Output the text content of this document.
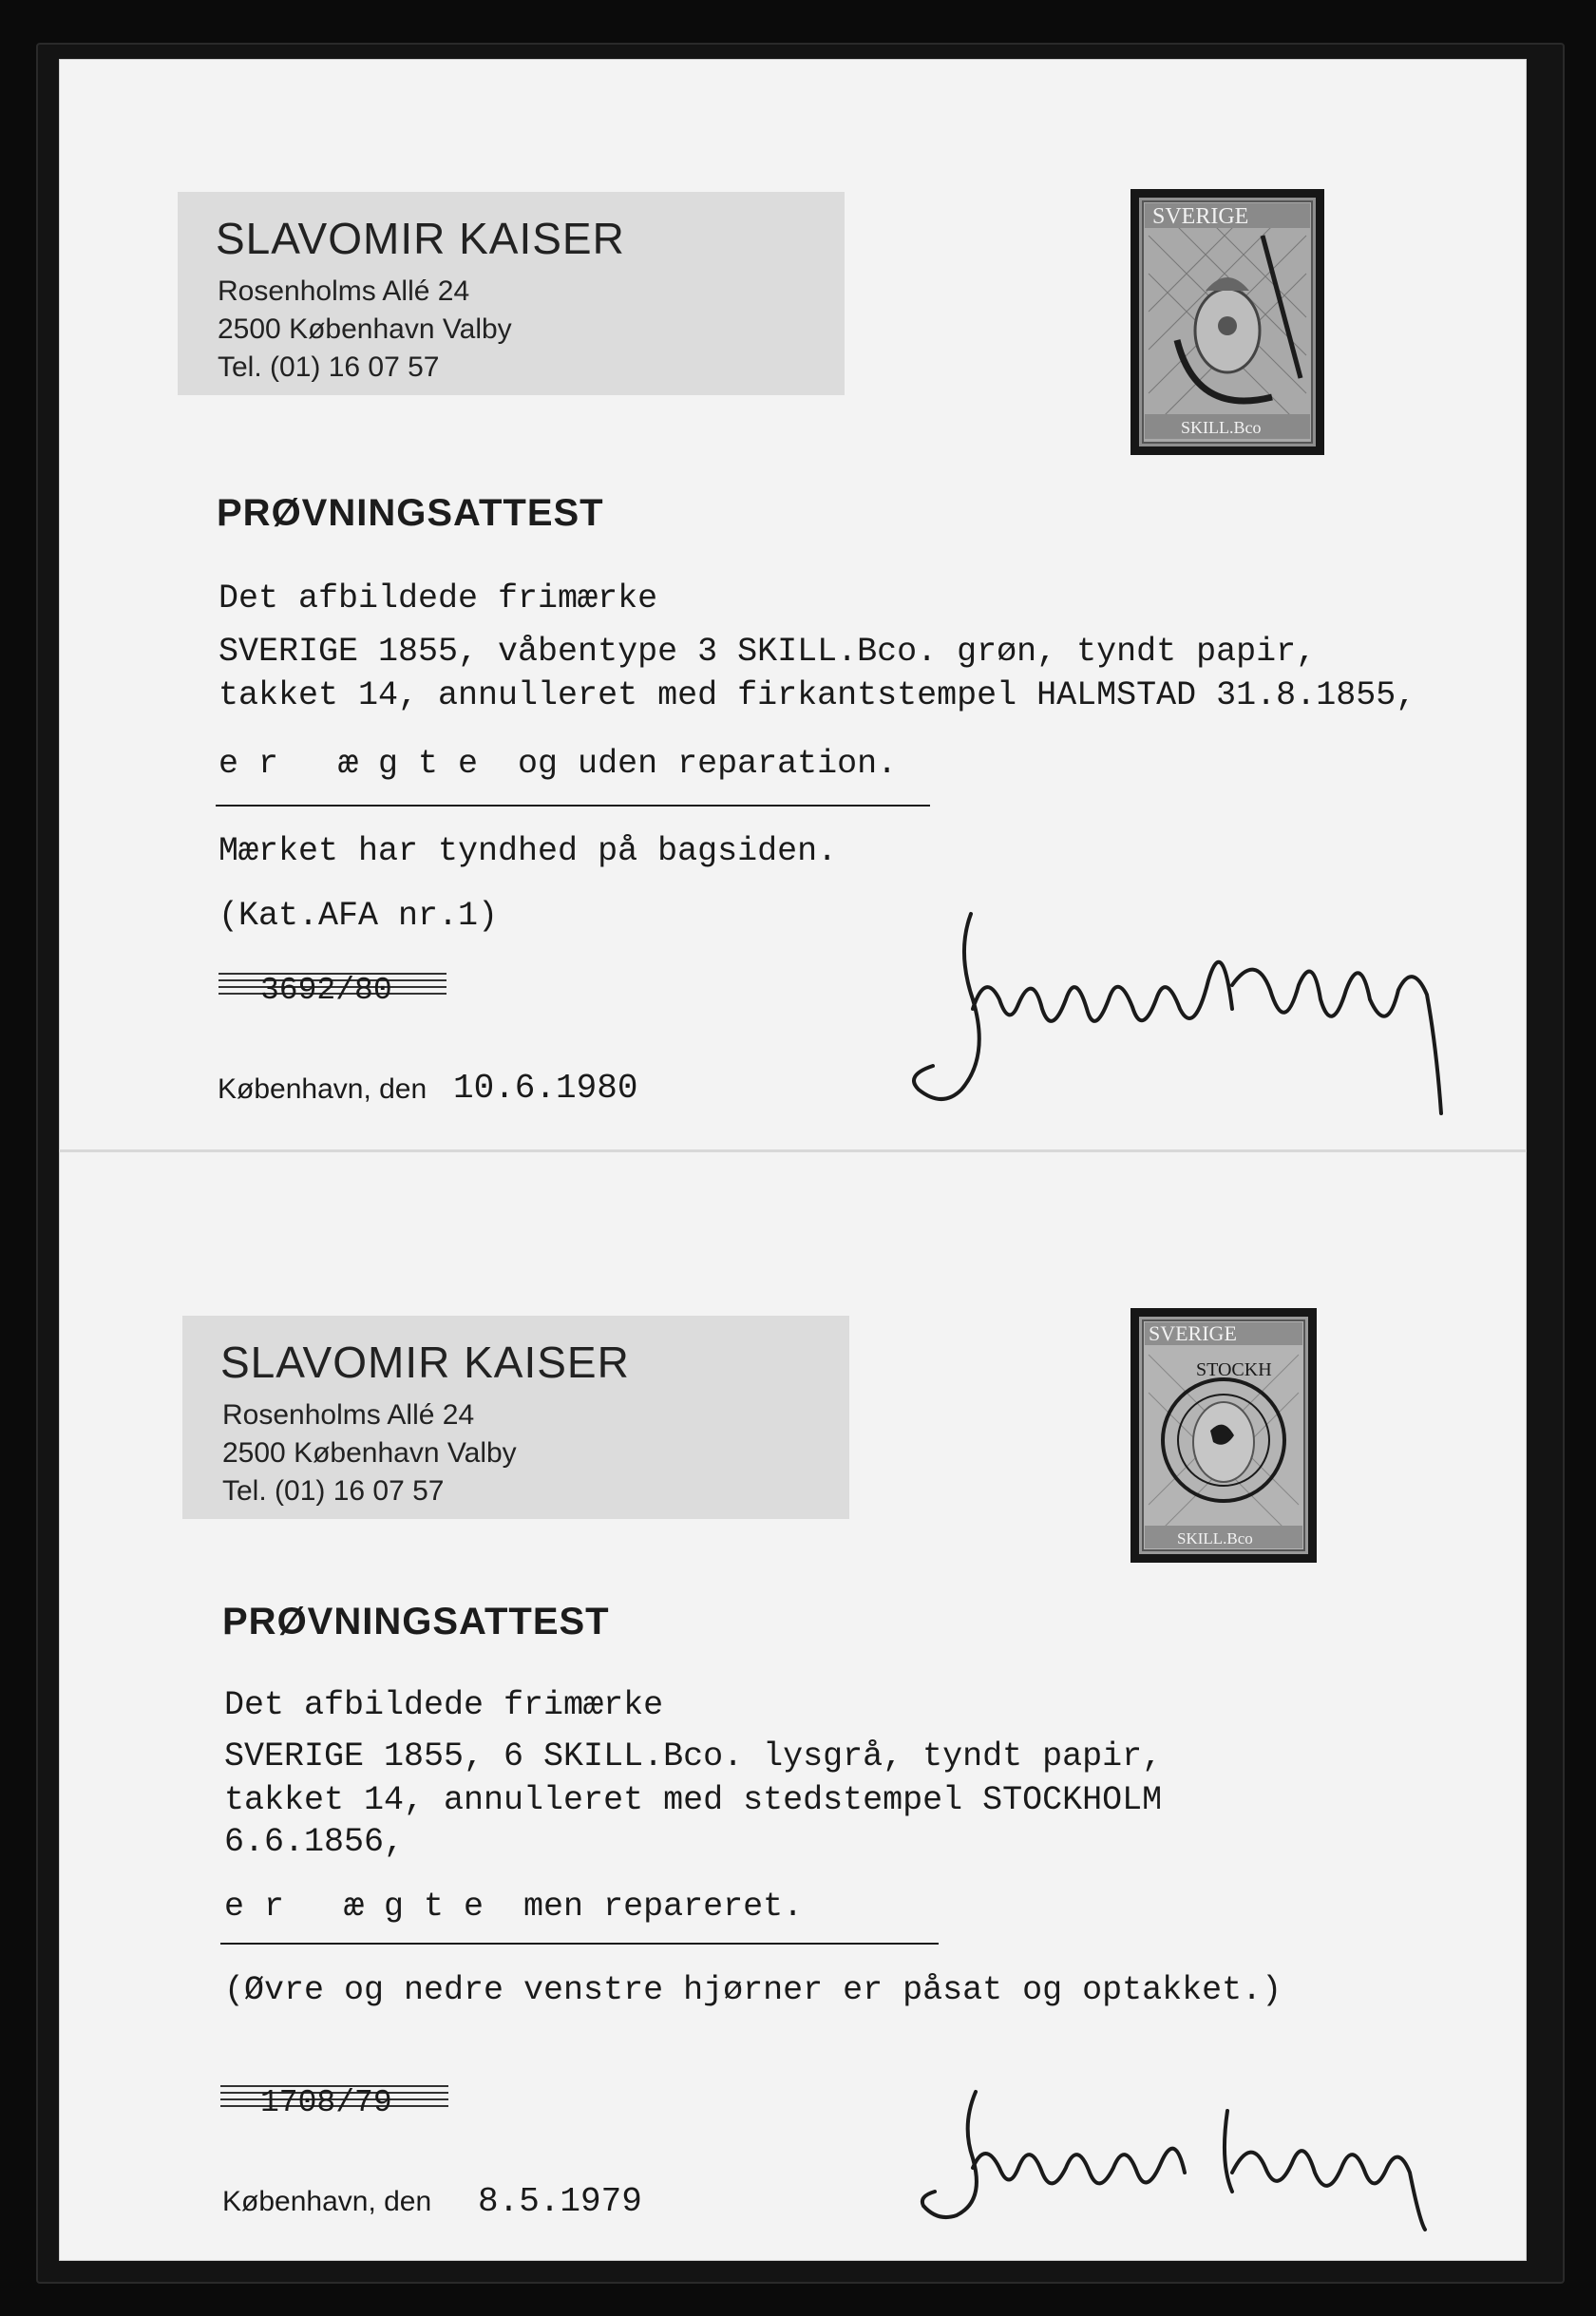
SLAVOMIR KAISER
Rosenholms Allé 24
2500 København Valby
Tel. (01) 16 07 57
SVERIGE
SKILL.Bco
PRØVNINGSATTEST
Det afbildede frimærke
SVERIGE 1855, våbentype 3 SKILL.Bco. grøn, tyndt papir,
takket 14, annulleret med firkantstempel HALMSTAD 31.8.1855,
e r   æ g t e  og uden reparation.
Mærket har tyndhed på bagsiden.
(Kat.AFA nr.1)
3692/80
København, den 10.6.1980
SLAVOMIR KAISER
Rosenholms Allé 24
2500 København Valby
Tel. (01) 16 07 57
SVERIGE
SKILL.Bco
STOCKH
PRØVNINGSATTEST
Det afbildede frimærke
SVERIGE 1855, 6 SKILL.Bco. lysgrå, tyndt papir,
takket 14, annulleret med stedstempel STOCKHOLM
6.6.1856,
e r   æ g t e  men repareret.
(Øvre og nedre venstre hjørner er påsat og optakket.)
1708/79
København, den 8.5.1979
